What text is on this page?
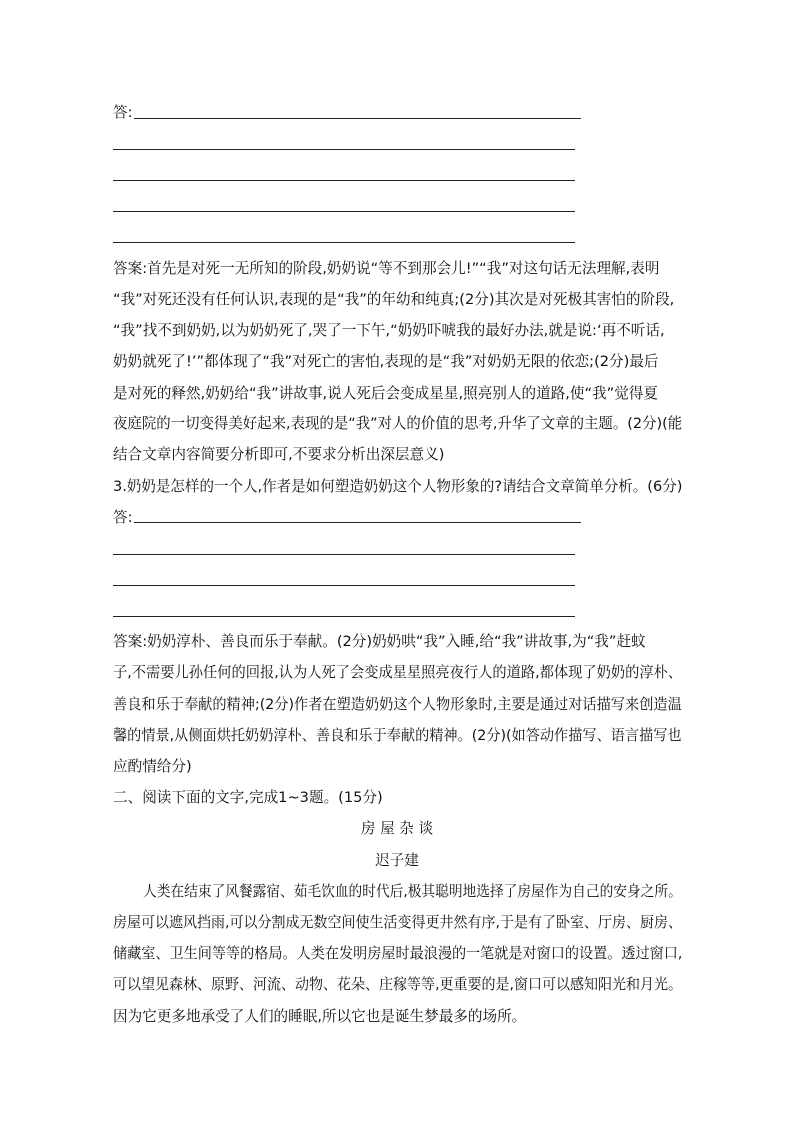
答:
答案:首先是对死一无所知的阶段,奶奶说“等不到那会儿!”“我”对这句话无法理解,表明
“我”对死还没有任何认识,表现的是“我”的年幼和纯真;(2分)其次是对死极其害怕的阶段,
“我”找不到奶奶,以为奶奶死了,哭了一下午,“奶奶吓唬我的最好办法,就是说:‘再不听话,
奶奶就死了!’”都体现了“我”对死亡的害怕,表现的是“我”对奶奶无限的依恋;(2分)最后
是对死的释然,奶奶给“我”讲故事,说人死后会变成星星,照亮别人的道路,使“我”觉得夏
夜庭院的一切变得美好起来,表现的是“我”对人的价值的思考,升华了文章的主题。(2分)(能
结合文章内容简要分析即可,不要求分析出深层意义)
3.奶奶是怎样的一个人,作者是如何塑造奶奶这个人物形象的?请结合文章简单分析。(6分)
答:
答案:奶奶淳朴、善良而乐于奉献。(2分)奶奶哄“我”入睡,给“我”讲故事,为“我”赶蚊
子,不需要儿孙任何的回报,认为人死了会变成星星照亮夜行人的道路,都体现了奶奶的淳朴、
善良和乐于奉献的精神;(2分)作者在塑造奶奶这个人物形象时,主要是通过对话描写来创造温
馨的情景,从侧面烘托奶奶淳朴、善良和乐于奉献的精神。(2分)(如答动作描写、语言描写也
应酌情给分)
二、阅读下面的文字,完成1~3题。(15分)
房 屋 杂 谈
迟子建
人类在结束了风餐露宿、茹毛饮血的时代后,极其聪明地选择了房屋作为自己的安身之所。
房屋可以遮风挡雨,可以分割成无数空间使生活变得更井然有序,于是有了卧室、厅房、厨房、
储藏室、卫生间等等的格局。人类在发明房屋时最浪漫的一笔就是对窗口的设置。透过窗口,
可以望见森林、原野、河流、动物、花朵、庄稼等等,更重要的是,窗口可以感知阳光和月光。
因为它更多地承受了人们的睡眠,所以它也是诞生梦最多的场所。
